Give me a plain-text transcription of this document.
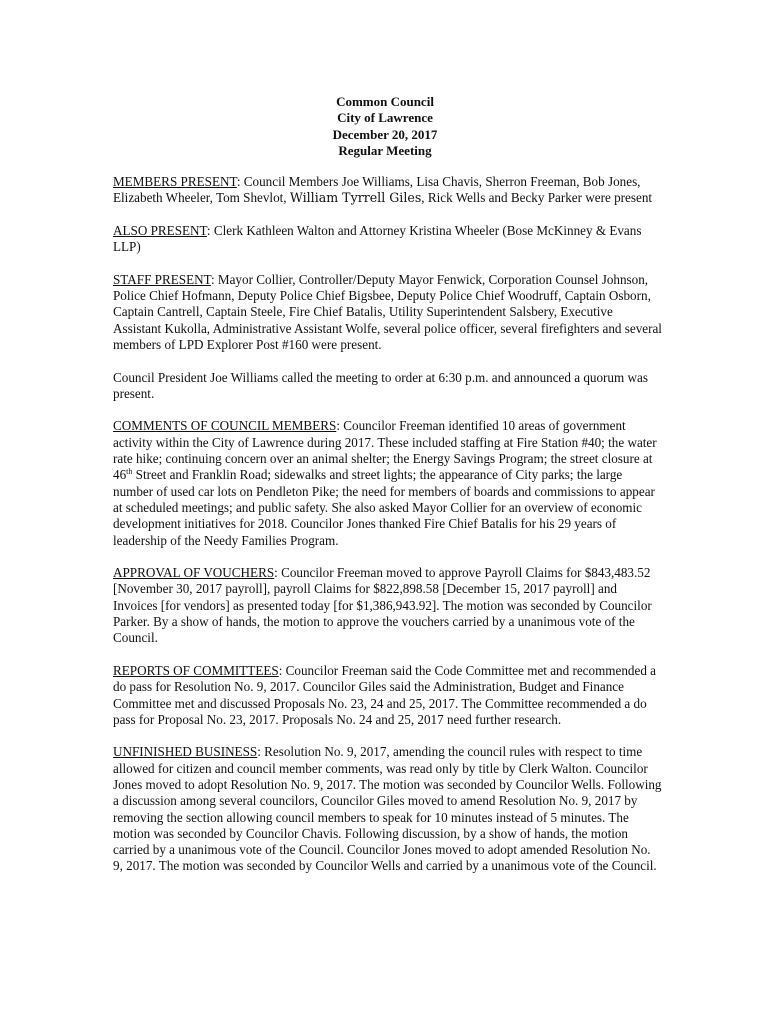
Common Council
City of Lawrence
December 20, 2017
Regular Meeting

MEMBERS PRESENT: Council Members Joe Williams, Lisa Chavis, Sherron Freeman, Bob Jones, Elizabeth Wheeler, Tom Shevlot, William Tyrrell Giles, Rick Wells and Becky Parker were present

ALSO PRESENT: Clerk Kathleen Walton and Attorney Kristina Wheeler (Bose McKinney & Evans LLP)

STAFF PRESENT: Mayor Collier, Controller/Deputy Mayor Fenwick, Corporation Counsel Johnson, Police Chief Hofmann, Deputy Police Chief Bigsbee, Deputy Police Chief Woodruff, Captain Osborn, Captain Cantrell, Captain Steele, Fire Chief Batalis, Utility Superintendent Salsbery, Executive Assistant Kukolla, Administrative Assistant Wolfe, several police officer, several firefighters and several members of LPD Explorer Post #160 were present.

Council President Joe Williams called the meeting to order at 6:30 p.m. and announced a quorum was present.

COMMENTS OF COUNCIL MEMBERS: Councilor Freeman identified 10 areas of government activity within the City of Lawrence during 2017. These included staffing at Fire Station #40; the water rate hike; continuing concern over an animal shelter; the Energy Savings Program; the street closure at 46th Street and Franklin Road; sidewalks and street lights; the appearance of City parks; the large number of used car lots on Pendleton Pike; the need for members of boards and commissions to appear at scheduled meetings; and public safety. She also asked Mayor Collier for an overview of economic development initiatives for 2018. Councilor Jones thanked Fire Chief Batalis for his 29 years of leadership of the Needy Families Program.

APPROVAL OF VOUCHERS: Councilor Freeman moved to approve Payroll Claims for $843,483.52 [November 30, 2017 payroll], payroll Claims for $822,898.58 [December 15, 2017 payroll] and Invoices [for vendors] as presented today [for $1,386,943.92]. The motion was seconded by Councilor Parker. By a show of hands, the motion to approve the vouchers carried by a unanimous vote of the Council.

REPORTS OF COMMITTEES: Councilor Freeman said the Code Committee met and recommended a do pass for Resolution No. 9, 2017. Councilor Giles said the Administration, Budget and Finance Committee met and discussed Proposals No. 23, 24 and 25, 2017. The Committee recommended a do pass for Proposal No. 23, 2017. Proposals No. 24 and 25, 2017 need further research.

UNFINISHED BUSINESS: Resolution No. 9, 2017, amending the council rules with respect to time allowed for citizen and council member comments, was read only by title by Clerk Walton. Councilor Jones moved to adopt Resolution No. 9, 2017. The motion was seconded by Councilor Wells. Following a discussion among several councilors, Councilor Giles moved to amend Resolution No. 9, 2017 by removing the section allowing council members to speak for 10 minutes instead of 5 minutes. The motion was seconded by Councilor Chavis. Following discussion, by a show of hands, the motion carried by a unanimous vote of the Council. Councilor Jones moved to adopt amended Resolution No. 9, 2017. The motion was seconded by Councilor Wells and carried by a unanimous vote of the Council.
